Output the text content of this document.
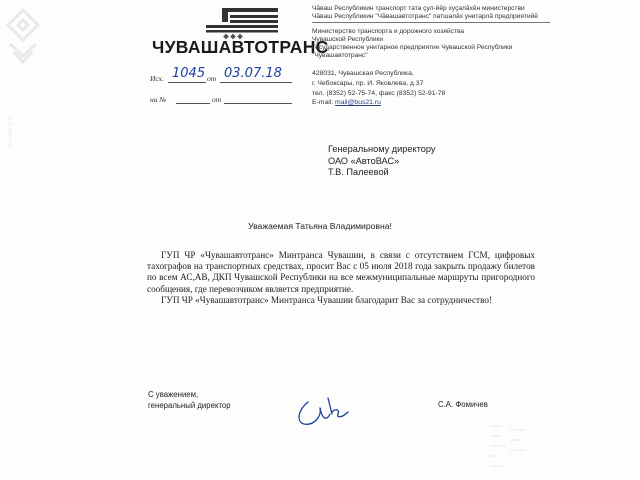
chuvashlib.ru
ЧУВАШАВТОТРАНС
Чăваш Республикин транспорт тата çул-йĕр хуçалăхĕн министерстви
Чăваш Республикин "Чăвашавтотранс" патшалăх унитарлă предприятийĕ
Министерство транспорта и дорожного хозяйства
Чувашской Республики
Государственное унитарное предприятие Чувашской Республики
"Чувашавтотранс"
428031, Чувашская Республика,
г. Чебоксары, пр. И. Яковлева, д.37
тел. (8352) 52-75-74, факс (8352) 52-91-78
E-mail: mail@bus21.ru
Исх. 1045 от 03.07.18
на №	от
Генеральному директору
ОАО «АвтоВАС»
Т.В. Палеевой
Уважаемая Татьяна Владимировна!

ГУП ЧР «Чувашавтотранс» Минтранса Чувашии, в связи с отсутствием ГСМ, цифровых тахографов на транспортных средствах, просит Вас с 05 июля 2018 года закрыть продажу билетов по всем АС,АВ, ДКП Чувашской Республики на все межмуниципальные маршруты пригородного сообщения, где перевозчиком является предприятие.

ГУП ЧР «Чувашавтотранс» Минтранса Чувашии благодарит Вас за сотрудничество!

С уважением,
генеральный директор	С.А. Фомичев
